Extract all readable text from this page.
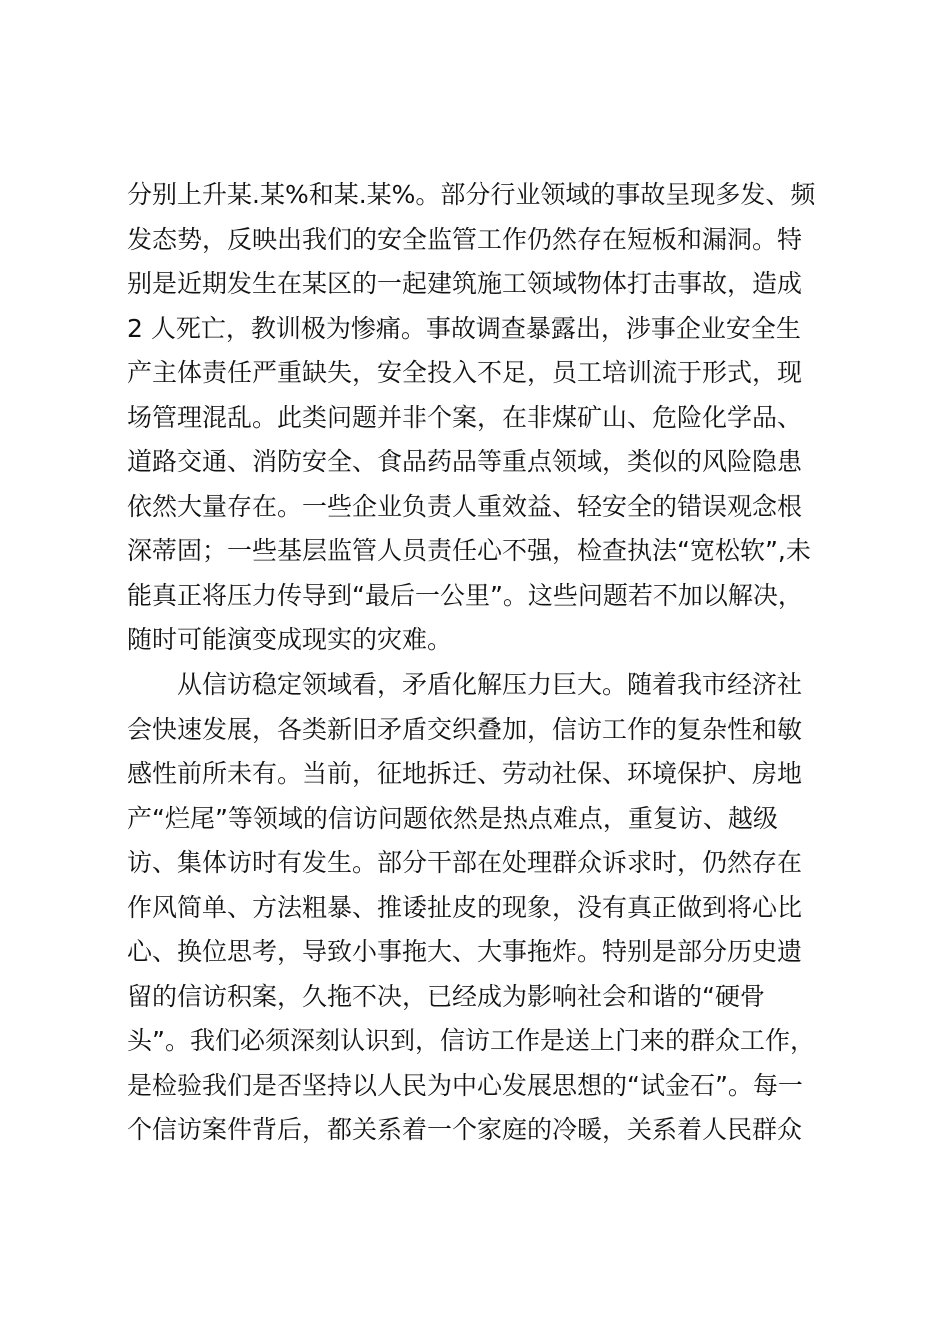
分别上升某.某%和某.某%。部分行业领域的事故呈现多发、频
发态势，反映出我们的安全监管工作仍然存在短板和漏洞。特
别是近期发生在某区的一起建筑施工领域物体打击事故，造成
2 人死亡，教训极为惨痛。事故调查暴露出，涉事企业安全生
产主体责任严重缺失，安全投入不足，员工培训流于形式，现
场管理混乱。此类问题并非个案，在非煤矿山、危险化学品、
道路交通、消防安全、食品药品等重点领域，类似的风险隐患
依然大量存在。一些企业负责人重效益、轻安全的错误观念根
深蒂固；一些基层监管人员责任心不强，检查执法“宽松软”,未
能真正将压力传导到“最后一公里”。这些问题若不加以解决，
随时可能演变成现实的灾难。
从信访稳定领域看，矛盾化解压力巨大。随着我市经济社
会快速发展，各类新旧矛盾交织叠加，信访工作的复杂性和敏
感性前所未有。当前，征地拆迁、劳动社保、环境保护、房地
产“烂尾”等领域的信访问题依然是热点难点，重复访、越级
访、集体访时有发生。部分干部在处理群众诉求时，仍然存在
作风简单、方法粗暴、推诿扯皮的现象，没有真正做到将心比
心、换位思考，导致小事拖大、大事拖炸。特别是部分历史遗
留的信访积案，久拖不决，已经成为影响社会和谐的“硬骨
头”。我们必须深刻认识到，信访工作是送上门来的群众工作，
是检验我们是否坚持以人民为中心发展思想的“试金石”。每一
个信访案件背后，都关系着一个家庭的冷暖，关系着人民群众
